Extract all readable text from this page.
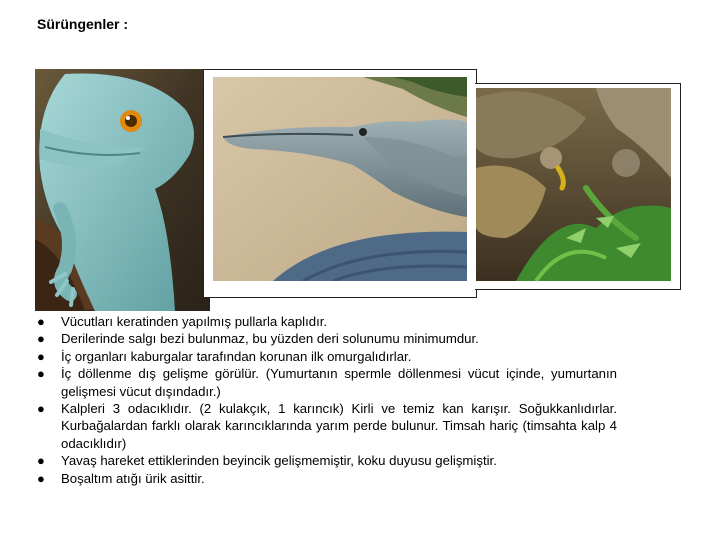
Sürüngenler :
●	Vücutları keratinden yapılmış pullarla kaplıdır.
●	Derilerinde salgı bezi bulunmaz, bu yüzden deri solunumu minimumdur.
●	İç organları kaburgalar tarafından korunan ilk omurgalıdırlar.
●	İç döllenme dış gelişme görülür. (Yumurtanın spermle döllenmesi vücut içinde, yumurtanın gelişmesi vücut dışındadır.)
●	Kalpleri 3 odacıklıdır. (2 kulakçık, 1 karıncık) Kirli ve temiz kan karışır. Soğukkanlıdırlar. Kurbağalardan farklı olarak karıncıklarında yarım perde bulunur. Timsah hariç (timsahta kalp 4 odacıklıdır)
●	Yavaş hareket ettiklerinden beyincik gelişmemiştir, koku duyusu gelişmiştir.
●	Boşaltım atığı ürik asittir.
